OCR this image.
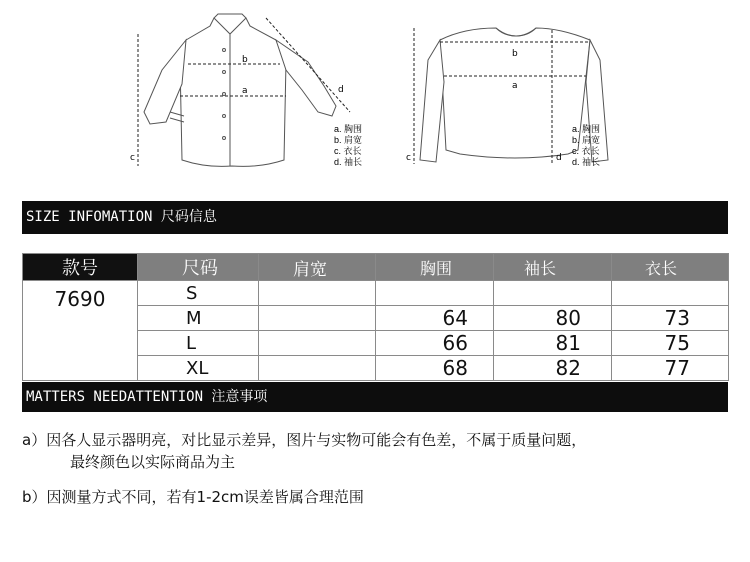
b
a
c
d
a. 胸围
b. 肩宽
c. 衣长
d. 袖长
b
a
c	d
a. 胸围
b. 肩宽
c. 衣长
d. 袖长
SIZE INFOMATION 尺码信息
款号	尺码	肩宽	胸围	袖长	衣长
7690	S				
	M		64	80	73
	L		66	81	75
	XL		68	82	77
MATTERS NEEDATTENTION 注意事项
a）因各人显示器明亮，对比显示差异，图片与实物可能会有色差，不属于质量问题，
最终颜色以实际商品为主
b）因测量方式不同，若有1-2cm误差皆属合理范围
